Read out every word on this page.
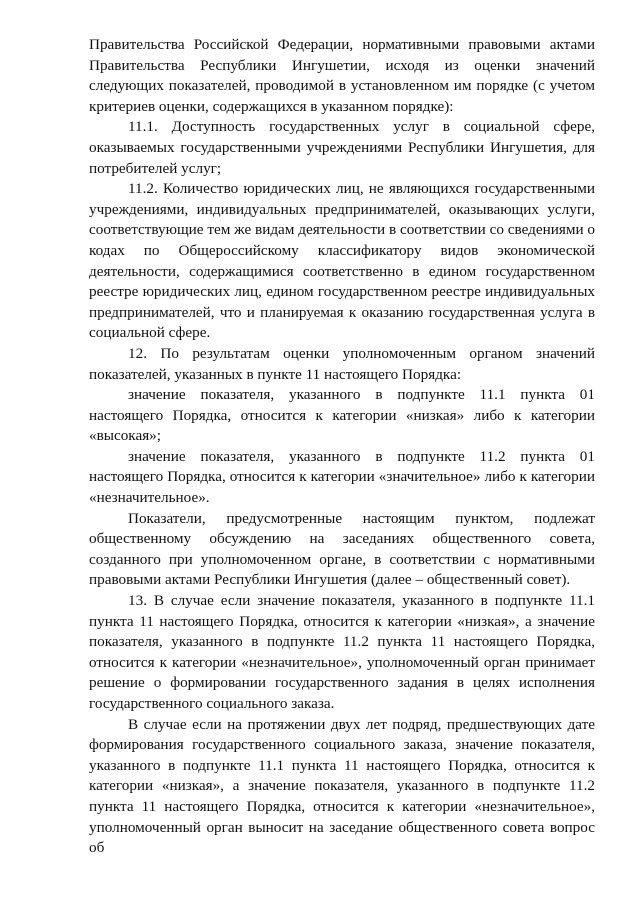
Правительства Российской Федерации, нормативными правовыми актами Правительства Республики Ингушетии, исходя из оценки значений следующих показателей, проводимой в установленном им порядке (с учетом критериев оценки, содержащихся в указанном порядке):

11.1. Доступность государственных услуг в социальной сфере, оказываемых государственными учреждениями Республики Ингушетия, для потребителей услуг;

11.2. Количество юридических лиц, не являющихся государственными учреждениями, индивидуальных предпринимателей, оказывающих услуги, соответствующие тем же видам деятельности в соответствии со сведениями о кодах по Общероссийскому классификатору видов экономической деятельности, содержащимися соответственно в едином государственном реестре юридических лиц, едином государственном реестре индивидуальных предпринимателей, что и планируемая к оказанию государственная услуга в социальной сфере.

12. По результатам оценки уполномоченным органом значений показателей, указанных в пункте 11 настоящего Порядка:

значение показателя, указанного в подпункте 11.1 пункта 01 настоящего Порядка, относится к категории «низкая» либо к категории «высокая»;

значение показателя, указанного в подпункте 11.2 пункта 01 настоящего Порядка, относится к категории «значительное» либо к категории «незначительное».

Показатели, предусмотренные настоящим пунктом, подлежат общественному обсуждению на заседаниях общественного совета, созданного при уполномоченном органе, в соответствии с нормативными правовыми актами Республики Ингушетия (далее – общественный совет).

13. В случае если значение показателя, указанного в подпункте 11.1 пункта 11 настоящего Порядка, относится к категории «низкая», а значение показателя, указанного в подпункте 11.2 пункта 11 настоящего Порядка, относится к категории «незначительное», уполномоченный орган принимает решение о формировании государственного задания в целях исполнения государственного социального заказа.

В случае если на протяжении двух лет подряд, предшествующих дате формирования государственного социального заказа, значение показателя, указанного в подпункте 11.1 пункта 11 настоящего Порядка, относится к категории «низкая», а значение показателя, указанного в подпункте 11.2 пункта 11 настоящего Порядка, относится к категории «незначительное», уполномоченный орган выносит на заседание общественного совета вопрос об
